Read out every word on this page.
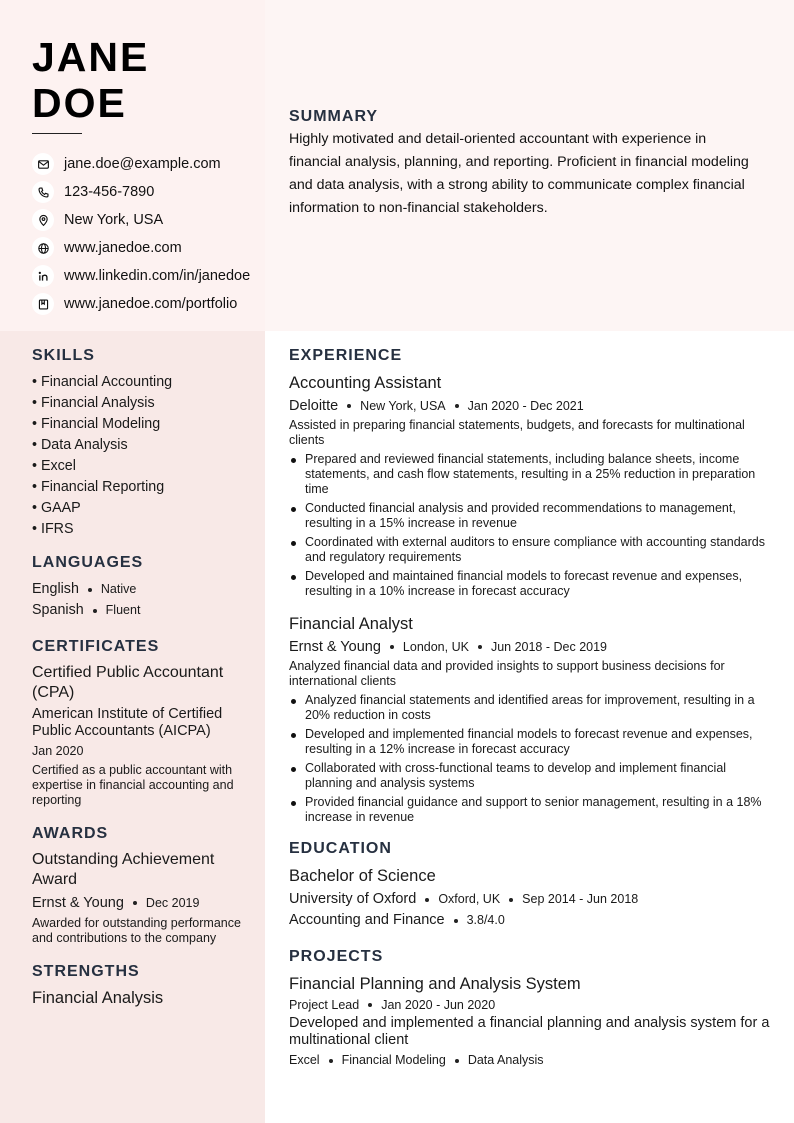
JANE
DOE
jane.doe@example.com
123-456-7890
New York, USA
www.janedoe.com
www.linkedin.com/in/janedoe
www.janedoe.com/portfolio
SUMMARY

Highly motivated and detail-oriented accountant with experience in financial analysis, planning, and reporting. Proficient in financial modeling and data analysis, with a strong ability to communicate complex financial information to non-financial stakeholders.

SKILLS
• Financial Accounting
• Financial Analysis
• Financial Modeling
• Data Analysis
• Excel
• Financial Reporting
• GAAP
• IFRS
LANGUAGES
English Native
Spanish Fluent
CERTIFICATES
Certified Public Accountant (CPA)
American Institute of Certified Public Accountants (AICPA)
Jan 2020
Certified as a public accountant with expertise in financial accounting and reporting
AWARDS
Outstanding Achievement Award
Ernst & Young Dec 2019
Awarded for outstanding performance and contributions to the company
STRENGTHS
Financial Analysis
EXPERIENCE
Accounting Assistant
Deloitte New York, USA Jan 2020 - Dec 2021
Assisted in preparing financial statements, budgets, and forecasts for multinational clients
Prepared and reviewed financial statements, including balance sheets, income statements, and cash flow statements, resulting in a 25% reduction in preparation time
Conducted financial analysis and provided recommendations to management, resulting in a 15% increase in revenue
Coordinated with external auditors to ensure compliance with accounting standards and regulatory requirements
Developed and maintained financial models to forecast revenue and expenses, resulting in a 10% increase in forecast accuracy
Financial Analyst
Ernst & Young London, UK Jun 2018 - Dec 2019
Analyzed financial data and provided insights to support business decisions for international clients
Analyzed financial statements and identified areas for improvement, resulting in a 20% reduction in costs
Developed and implemented financial models to forecast revenue and expenses, resulting in a 12% increase in forecast accuracy
Collaborated with cross-functional teams to develop and implement financial planning and analysis systems
Provided financial guidance and support to senior management, resulting in a 18% increase in revenue
EDUCATION
Bachelor of Science
University of Oxford Oxford, UK Sep 2014 - Jun 2018
Accounting and Finance 3.8/4.0
PROJECTS
Financial Planning and Analysis System
Project Lead Jan 2020 - Jun 2020
Developed and implemented a financial planning and analysis system for a multinational client
Excel Financial Modeling Data Analysis
